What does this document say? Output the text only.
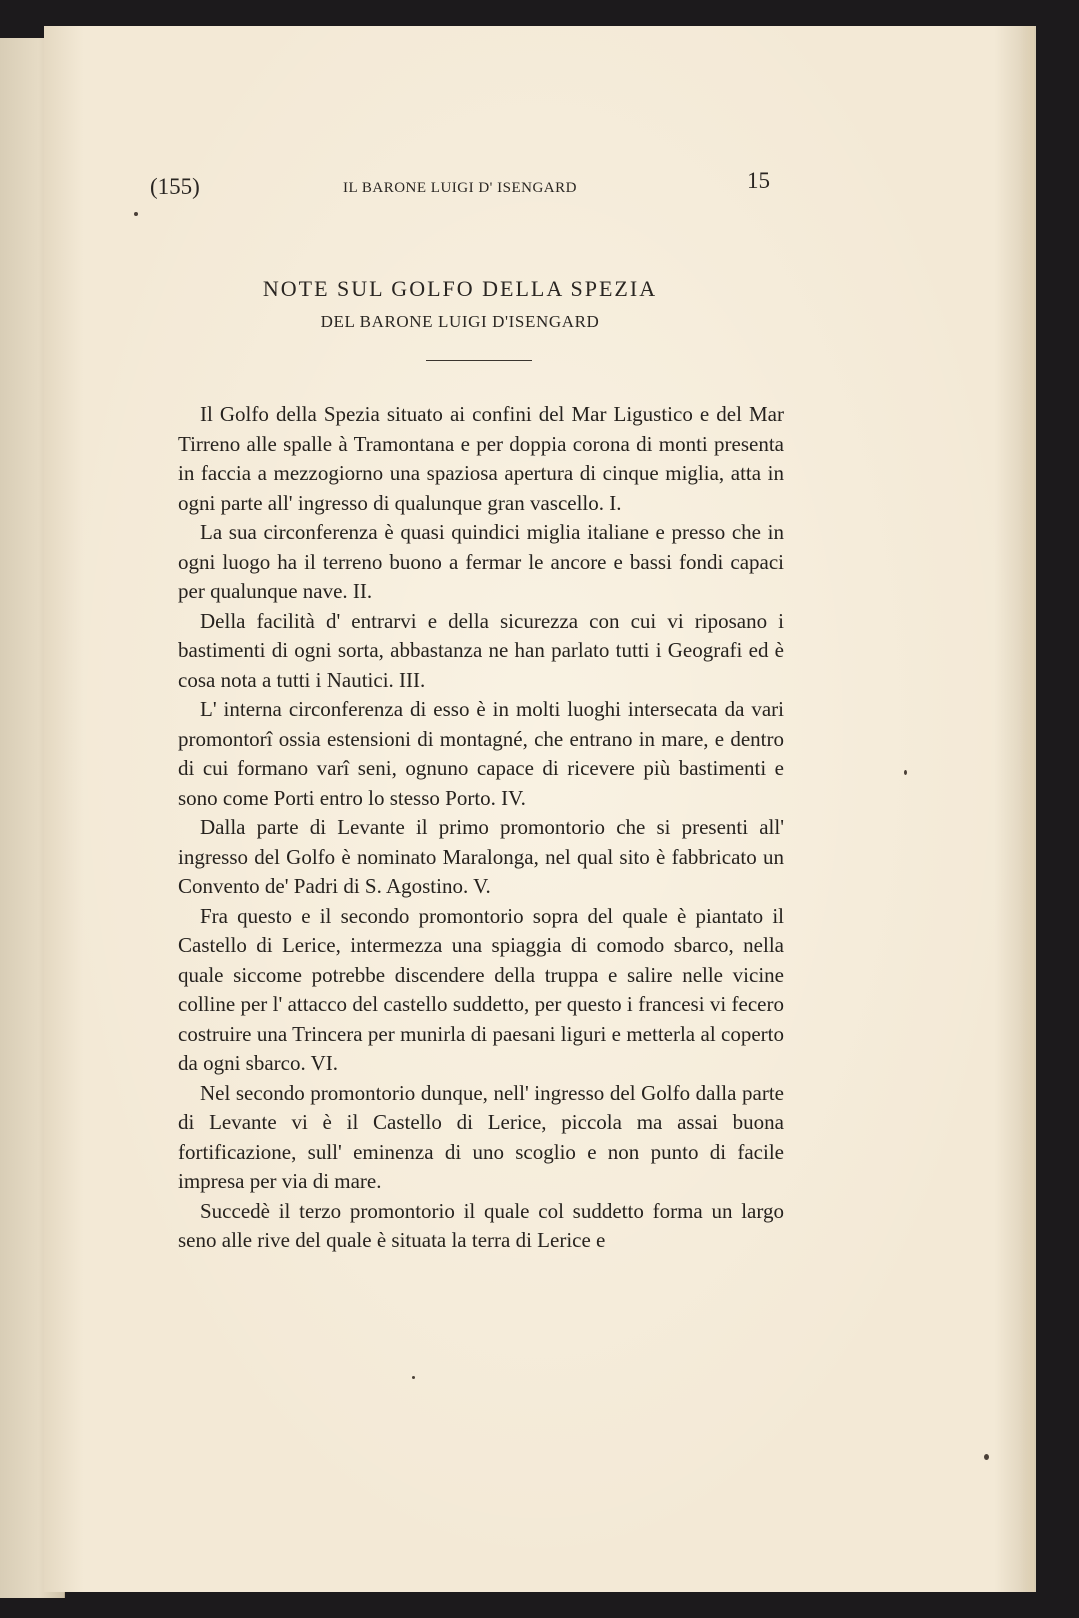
(155)	IL BARONE LUIGI D' ISENGARD	15
NOTE SUL GOLFO DELLA SPEZIA
DEL BARONE LUIGI D'ISENGARD

Il Golfo della Spezia situato ai confini del Mar Ligustico e del Mar Tirreno alle spalle à Tramontana e per doppia corona di monti presenta in faccia a mezzogiorno una spaziosa apertura di cinque miglia, atta in ogni parte all' ingresso di qualunque gran vascello. I.

La sua circonferenza è quasi quindici miglia italiane e presso che in ogni luogo ha il terreno buono a fermar le ancore e bassi fondi capaci per qualunque nave. II.

Della facilità d' entrarvi e della sicurezza con cui vi riposano i bastimenti di ogni sorta, abbastanza ne han parlato tutti i Geografi ed è cosa nota a tutti i Nautici. III.

L' interna circonferenza di esso è in molti luoghi intersecata da vari promontorî ossia estensioni di montagné, che entrano in mare, e dentro di cui formano varî seni, ognuno capace di ricevere più bastimenti e sono come Porti entro lo stesso Porto. IV.

Dalla parte di Levante il primo promontorio che si presenti all' ingresso del Golfo è nominato Maralonga, nel qual sito è fabbricato un Convento de' Padri di S. Agostino. V.

Fra questo e il secondo promontorio sopra del quale è piantato il Castello di Lerice, intermezza una spiaggia di comodo sbarco, nella quale siccome potrebbe discendere della truppa e salire nelle vicine colline per l' attacco del castello suddetto, per questo i francesi vi fecero costruire una Trincera per munirla di paesani liguri e metterla al coperto da ogni sbarco. VI.

Nel secondo promontorio dunque, nell' ingresso del Golfo dalla parte di Levante vi è il Castello di Lerice, piccola ma assai buona fortificazione, sull' eminenza di uno scoglio e non punto di facile impresa per via di mare.

Succedè il terzo promontorio il quale col suddetto forma un largo seno alle rive del quale è situata la terra di Lerice e
